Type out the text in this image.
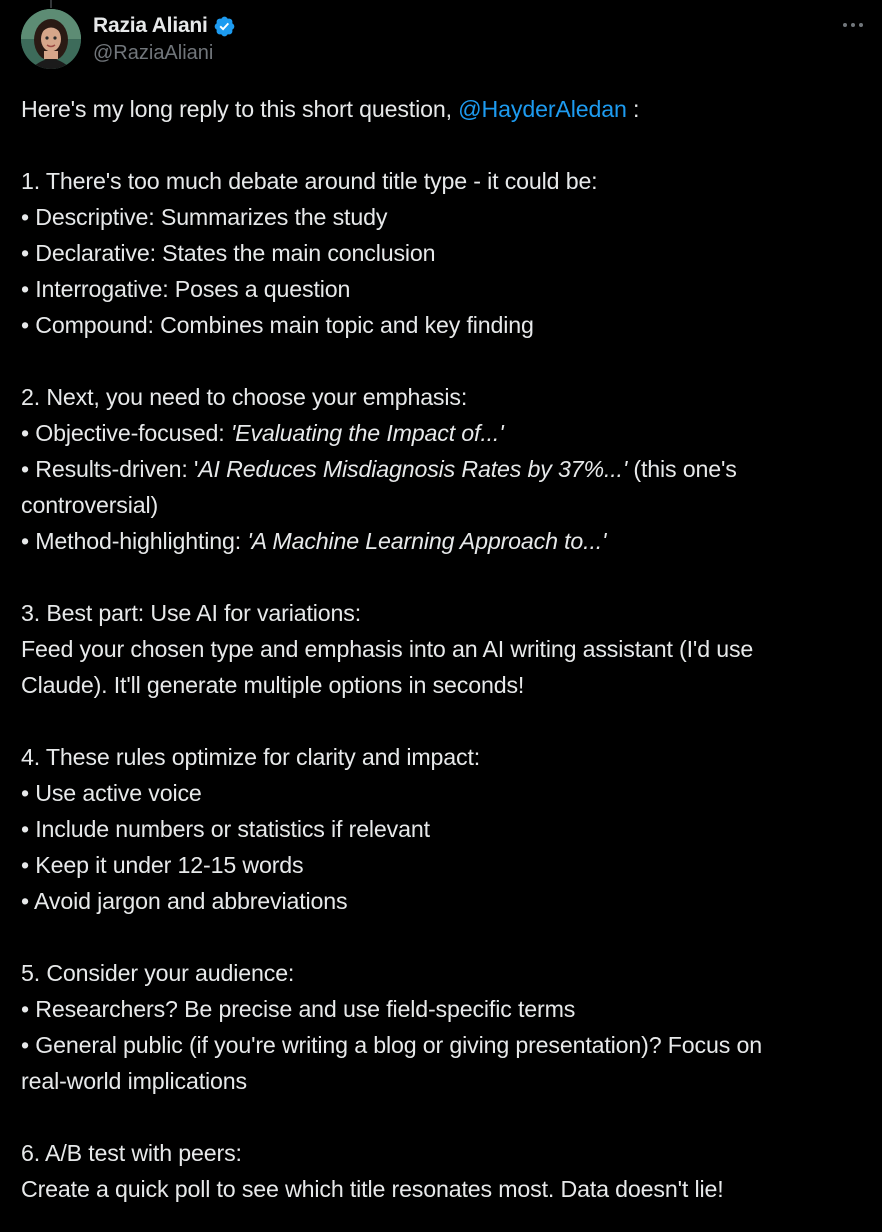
Razia Aliani
@RaziaAliani
Here's my long reply to this short question, @HayderAledan :
1. There's too much debate around title type - it could be:
• Descriptive: Summarizes the study
• Declarative: States the main conclusion
• Interrogative: Poses a question
• Compound: Combines main topic and key finding
2. Next, you need to choose your emphasis:
• Objective-focused: 'Evaluating the Impact of...'
• Results-driven: 'AI Reduces Misdiagnosis Rates by 37%...' (this one's
controversial)
• Method-highlighting: 'A Machine Learning Approach to...'
3. Best part: Use AI for variations:
Feed your chosen type and emphasis into an AI writing assistant (I'd use
Claude). It'll generate multiple options in seconds!
4. These rules optimize for clarity and impact:
• Use active voice
• Include numbers or statistics if relevant
• Keep it under 12-15 words
• Avoid jargon and abbreviations
5. Consider your audience:
• Researchers? Be precise and use field-specific terms
• General public (if you're writing a blog or giving presentation)? Focus on
real-world implications
6. A/B test with peers:
Create a quick poll to see which title resonates most. Data doesn't lie!
